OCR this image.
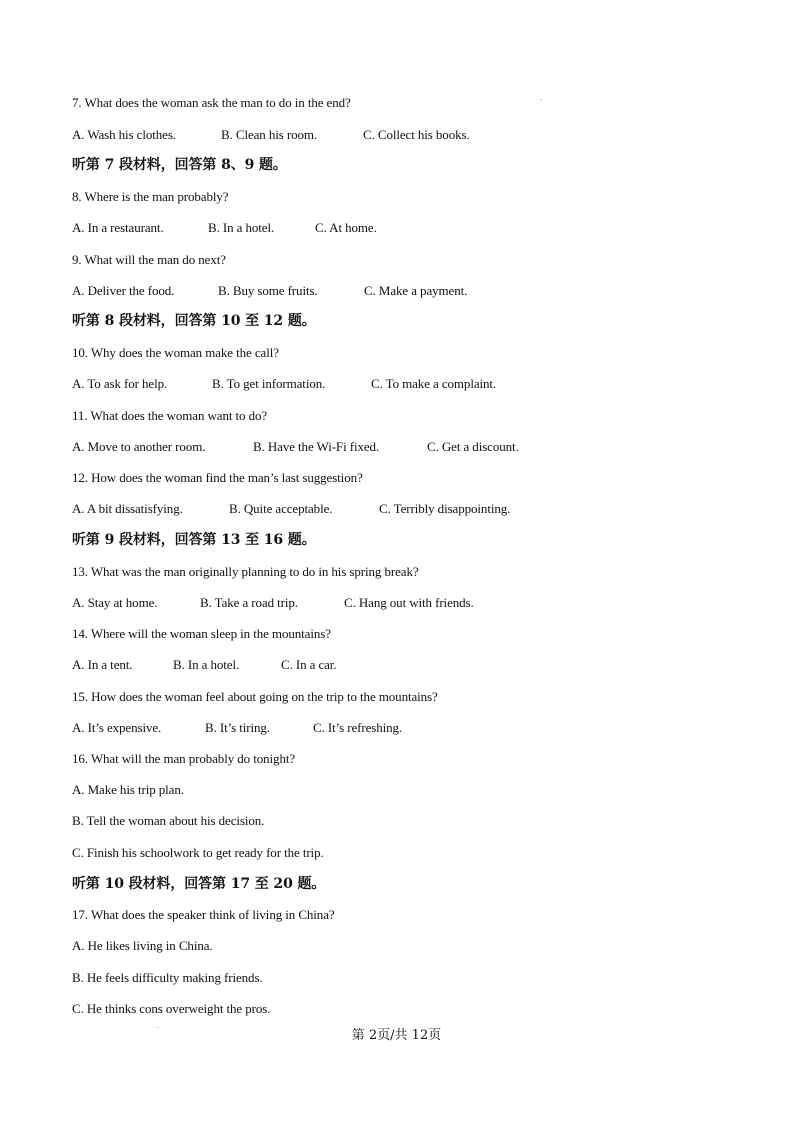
7. What does the woman ask the man to do in the end?
A. Wash his clothes.	B. Clean his room.	C. Collect his books.
听第 7 段材料，回答第 8、9 题。
8. Where is the man probably?
A. In a restaurant.	B. In a hotel.	C. At home.
9. What will the man do next?
A. Deliver the food.	B. Buy some fruits.	C. Make a payment.
听第 8 段材料，回答第 10 至 12 题。
10. Why does the woman make the call?
A. To ask for help.	B. To get information.	C. To make a complaint.
11. What does the woman want to do?
A. Move to another room.	B. Have the Wi-Fi fixed.	C. Get a discount.
12. How does the woman find the man’s last suggestion?
A. A bit dissatisfying.	B. Quite acceptable.	C. Terribly disappointing.
听第 9 段材料，回答第 13 至 16 题。
13. What was the man originally planning to do in his spring break?
A. Stay at home.	B. Take a road trip.	C. Hang out with friends.
14. Where will the woman sleep in the mountains?
A. In a tent.	B. In a hotel.	C. In a car.
15. How does the woman feel about going on the trip to the mountains?
A. It’s expensive.	B. It’s tiring.	C. It’s refreshing.
16. What will the man probably do tonight?
A. Make his trip plan.
B. Tell the woman about his decision.
C. Finish his schoolwork to get ready for the trip.
听第 10 段材料，回答第 17 至 20 题。
17. What does the speaker think of living in China?
A. He likes living in China.
B. He feels difficulty making friends.
C. He thinks cons overweight the pros.
第 2页/共 12页
